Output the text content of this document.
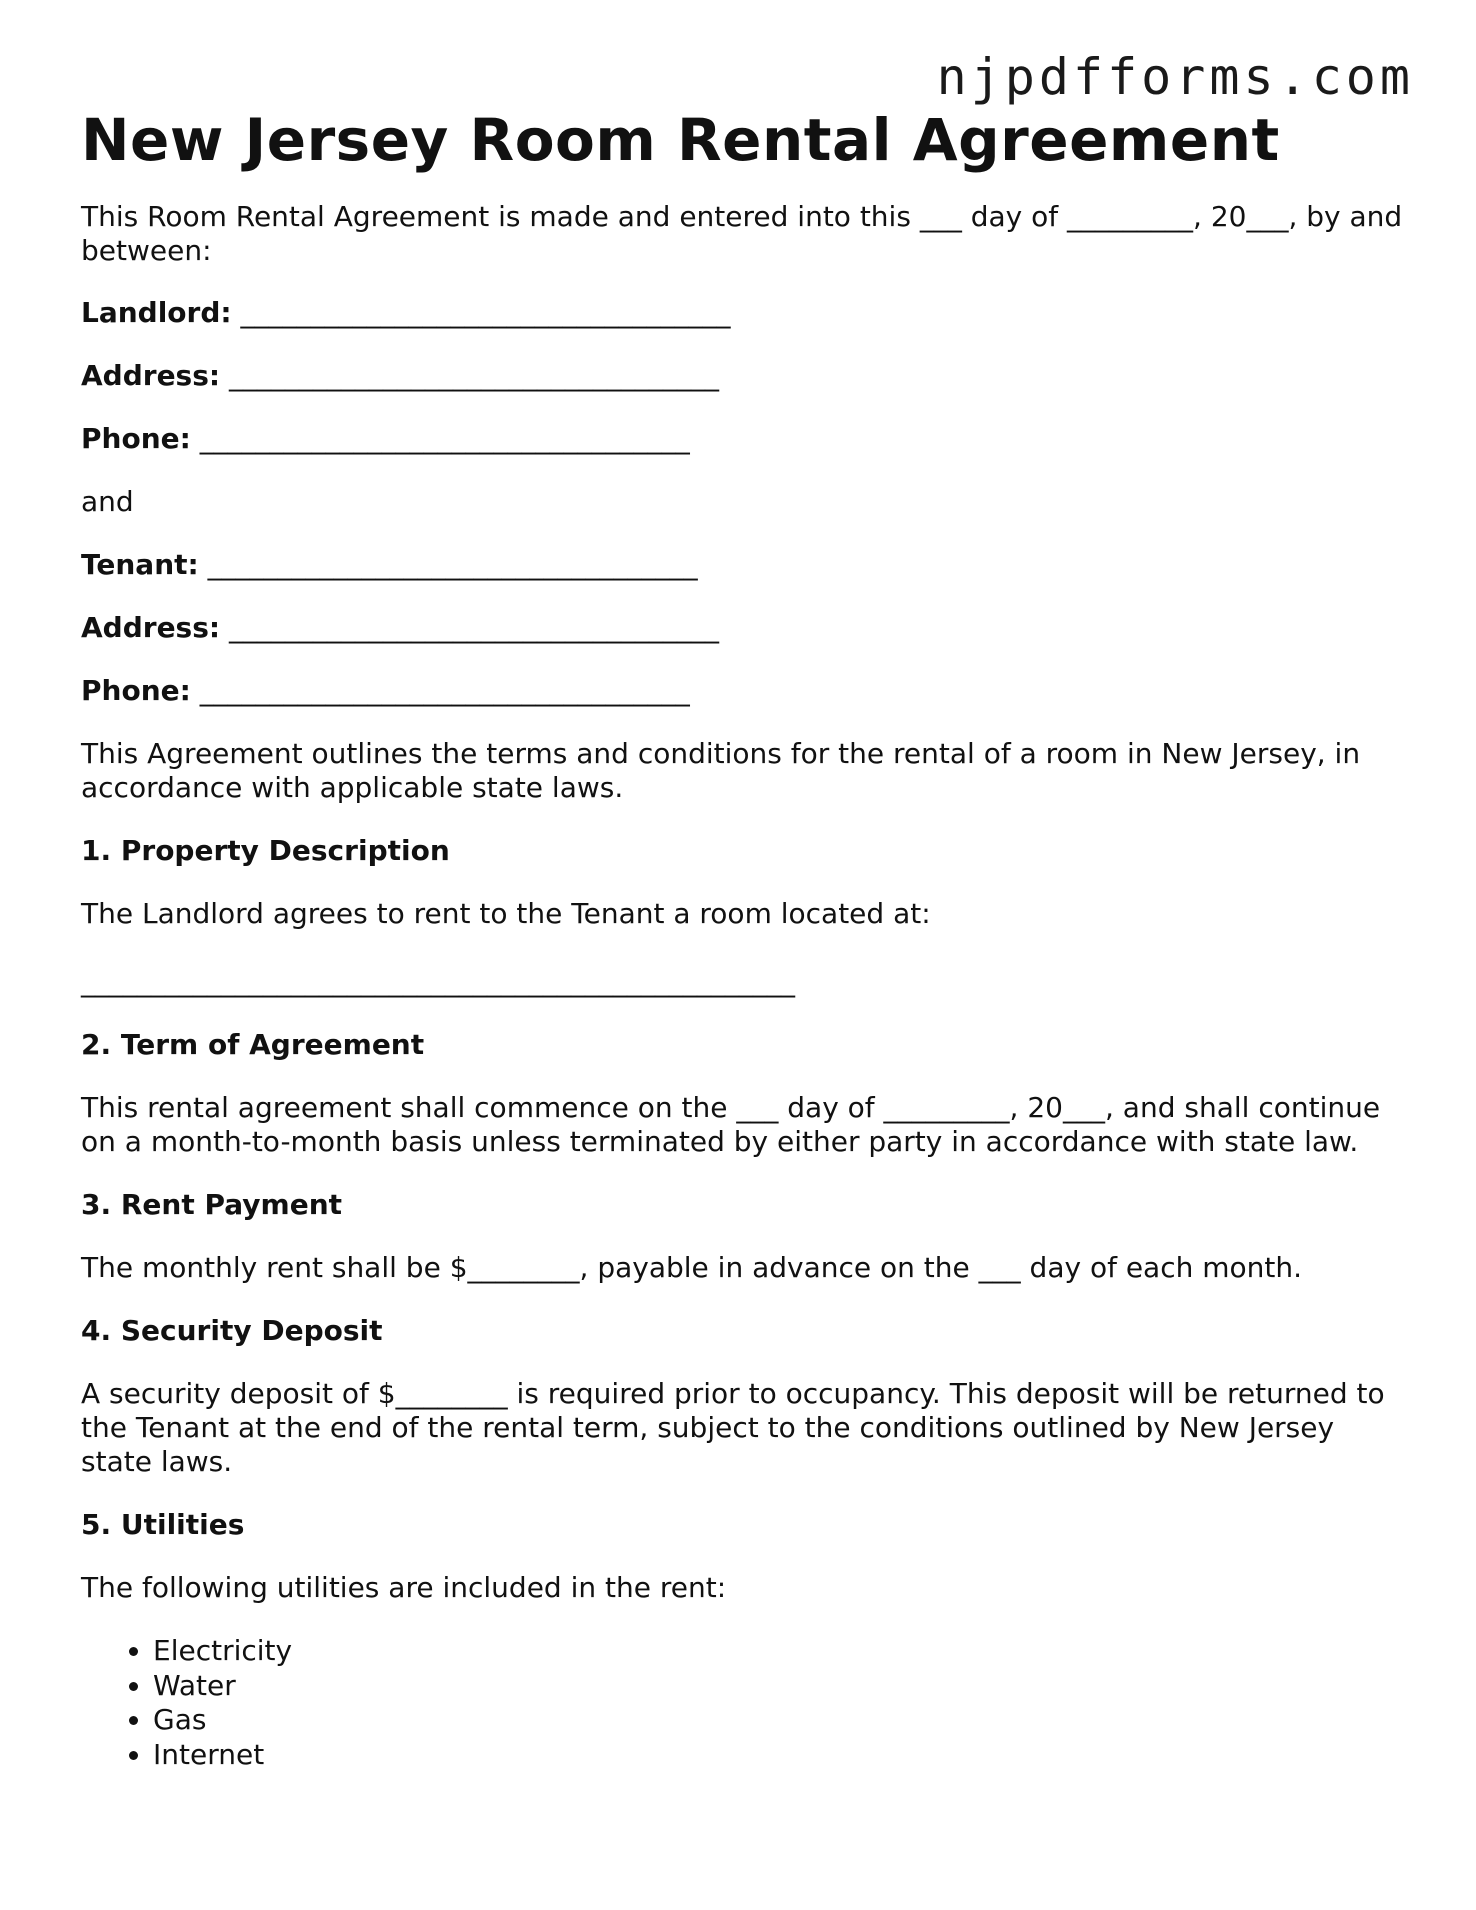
njpdfforms.com
New Jersey Room Rental Agreement

This Room Rental Agreement is made and entered into this ___ day of _________, 20___, by and between:

Landlord: ___________________________________
Address: ___________________________________
Phone: ___________________________________

and

Tenant: ___________________________________
Address: ___________________________________
Phone: ___________________________________

This Agreement outlines the terms and conditions for the rental of a room in New Jersey, in accordance with applicable state laws.

1. Property Description

The Landlord agrees to rent to the Tenant a room located at:

___________________________________________________

2. Term of Agreement

This rental agreement shall commence on the ___ day of _________, 20___, and shall continue on a month-to-month basis unless terminated by either party in accordance with state law.

3. Rent Payment

The monthly rent shall be $________, payable in advance on the ___ day of each month.

4. Security Deposit

A security deposit of $________ is required prior to occupancy. This deposit will be returned to the Tenant at the end of the rental term, subject to the conditions outlined by New Jersey state laws.

5. Utilities

The following utilities are included in the rent:

• Electricity
• Water
• Gas
• Internet
